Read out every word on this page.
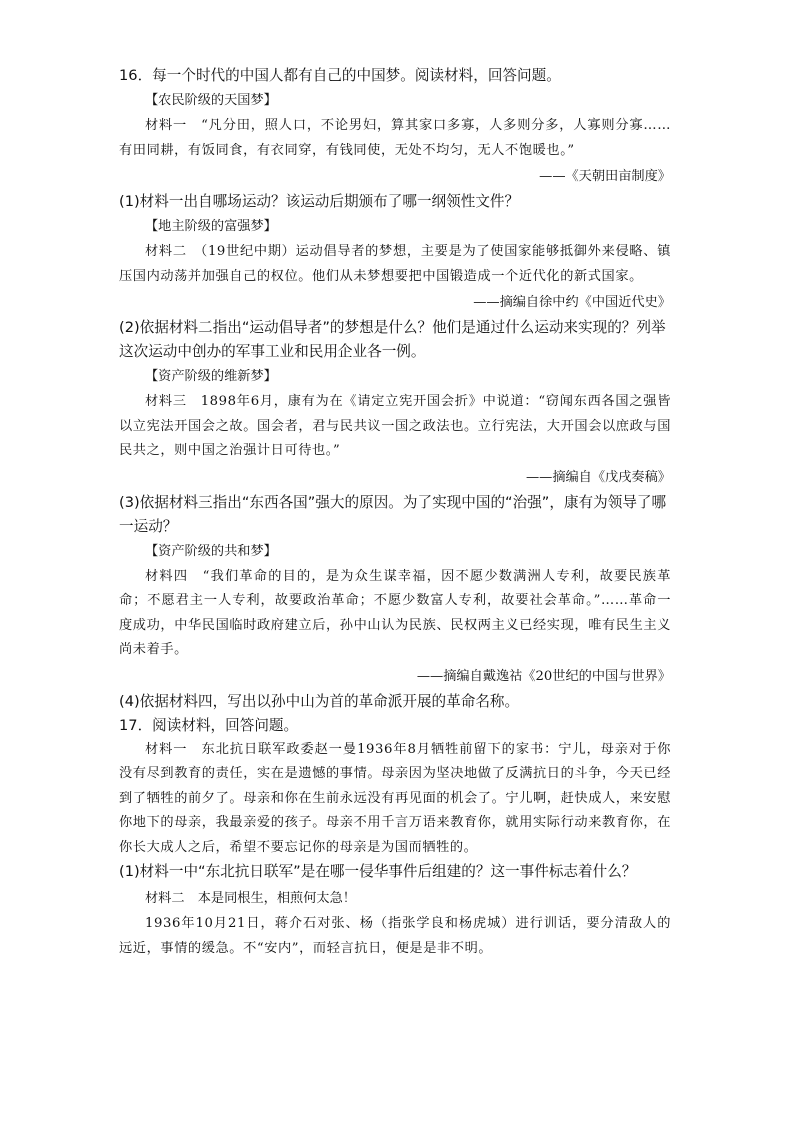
16．每一个时代的中国人都有自己的中国梦。阅读材料，回答问题。

【农民阶级的天国梦】

材料一　“凡分田，照人口，不论男妇，算其家口多寡，人多则分多，人寡则分寡……有田同耕，有饭同食，有衣同穿，有钱同使，无处不均匀，无人不饱暖也。”

——《天朝田亩制度》

(1)材料一出自哪场运动？该运动后期颁布了哪一纲领性文件？

【地主阶级的富强梦】

材料二　（19世纪中期）运动倡导者的梦想，主要是为了使国家能够抵御外来侵略、镇压国内动荡并加强自己的权位。他们从未梦想要把中国锻造成一个近代化的新式国家。

——摘编自徐中约《中国近代史》

(2)依据材料二指出“运动倡导者”的梦想是什么？他们是通过什么运动来实现的？列举这次运动中创办的军事工业和民用企业各一例。

【资产阶级的维新梦】

材料三　1898年6月，康有为在《请定立宪开国会折》中说道：“窃闻东西各国之强皆以立宪法开国会之故。国会者，君与民共议一国之政法也。立行宪法，大开国会以庶政与国民共之，则中国之治强计日可待也。”

——摘编自《戊戌奏稿》

(3)依据材料三指出“东西各国”强大的原因。为了实现中国的“治强”，康有为领导了哪一运动？

【资产阶级的共和梦】

材料四　“我们革命的目的，是为众生谋幸福，因不愿少数满洲人专利，故要民族革命；不愿君主一人专利，故要政治革命；不愿少数富人专利，故要社会革命。”……革命一度成功，中华民国临时政府建立后，孙中山认为民族、民权两主义已经实现，唯有民生主义尚未着手。

——摘编自戴逸祜《20世纪的中国与世界》

(4)依据材料四，写出以孙中山为首的革命派开展的革命名称。

17．阅读材料，回答问题。

材料一　东北抗日联军政委赵一曼1936年8月牺牲前留下的家书：宁儿，母亲对于你没有尽到教育的责任，实在是遗憾的事情。母亲因为坚决地做了反满抗日的斗争，今天已经到了牺牲的前夕了。母亲和你在生前永远没有再见面的机会了。宁儿啊，赶快成人，来安慰你地下的母亲，我最亲爱的孩子。母亲不用千言万语来教育你，就用实际行动来教育你，在你长大成人之后，希望不要忘记你的母亲是为国而牺牲的。

(1)材料一中“东北抗日联军”是在哪一侵华事件后组建的？这一事件标志着什么？

材料二　本是同根生，相煎何太急！

1936年10月21日，蒋介石对张、杨（指张学良和杨虎城）进行训话，要分清敌人的远近，事情的缓急。不“安内”，而轻言抗日，便是是非不明。
